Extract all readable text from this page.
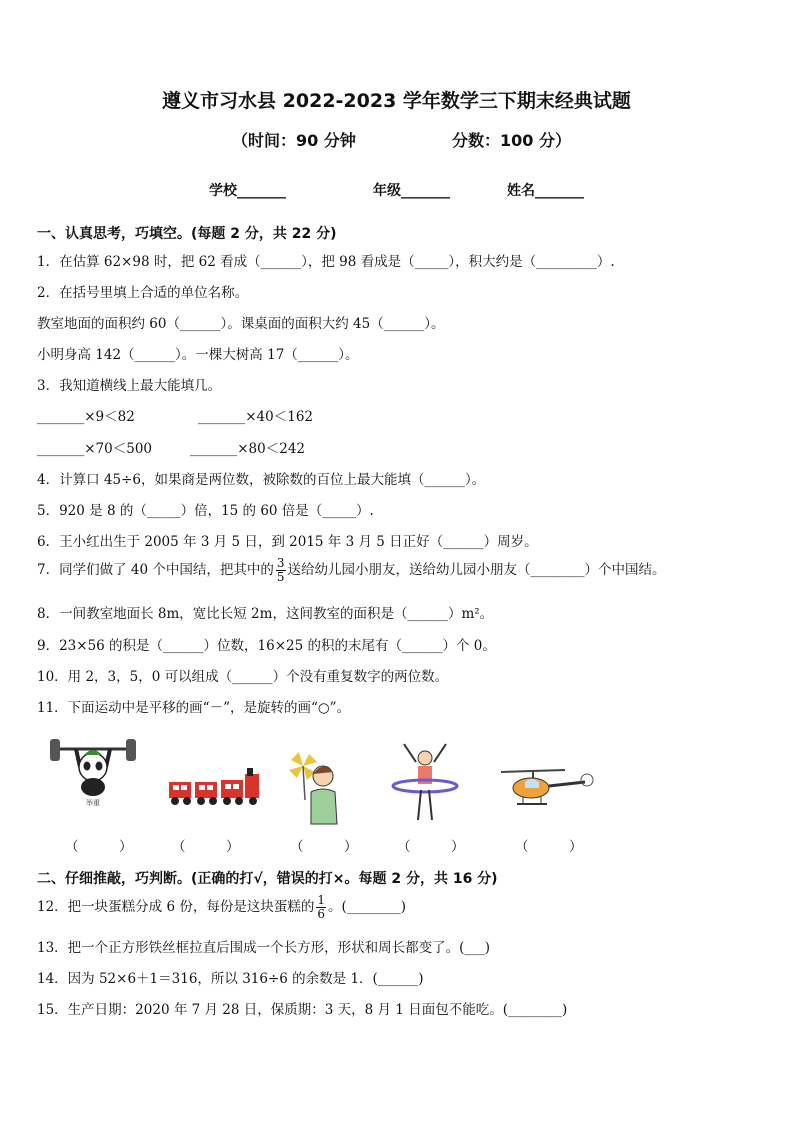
遵义市习水县 2022-2023 学年数学三下期末经典试题
（时间：90 分钟	分数：100 分）
学校_______	年级_______	姓名_______
一、认真思考，巧填空。(每题 2 分，共 22 分)
1．在估算 62×98 时，把 62 看成（______），把 98 看成是（_____），积大约是（_________）.
2．在括号里填上合适的单位名称。
教室地面的面积约 60（______）。课桌面的面积大约 45（______）。
小明身高 142（______）。一棵大树高 17（______）。
3．我知道横线上最大能填几。
_______×9＜82	_______×40＜162
_______×70＜500	_______×80＜242
4．计算口 45÷6，如果商是两位数，被除数的百位上最大能填（______）。
5．920 是 8 的（_____）倍，15 的 60 倍是（_____）.
6．王小红出生于 2005 年 3 月 5 日，到 2015 年 3 月 5 日正好（______）周岁。
7．同学们做了 40 个中国结，把其中的 $\frac{3}{5}$ 送给幼儿园小朋友，送给幼儿园小朋友（________）个中国结。
8．一间教室地面长 8m，宽比长短 2m，这间教室的面积是（______）m²。
9．23×56 的积是（______）位数，16×25 的积的末尾有（______）个 0。
10．用 2，3，5，0 可以组成（______）个没有重复数字的两位数。
11．下面运动中是平移的画“－”，是旋转的画“○”。
举重
（　　　）	（　　　）	（　　　）	（　　　）	（　　　）
二、仔细推敲，巧判断。(正确的打√，错误的打×。每题 2 分，共 16 分)
12．把一块蛋糕分成 6 份，每份是这块蛋糕的 $\frac{1}{6}$ 。(________)
13．把一个正方形铁丝框拉直后围成一个长方形，形状和周长都变了。(___)
14．因为 52×6＋1＝316，所以 316÷6 的余数是 1．(______)
15．生产日期：2020 年 7 月 28 日，保质期：3 天，8 月 1 日面包不能吃。(________)
